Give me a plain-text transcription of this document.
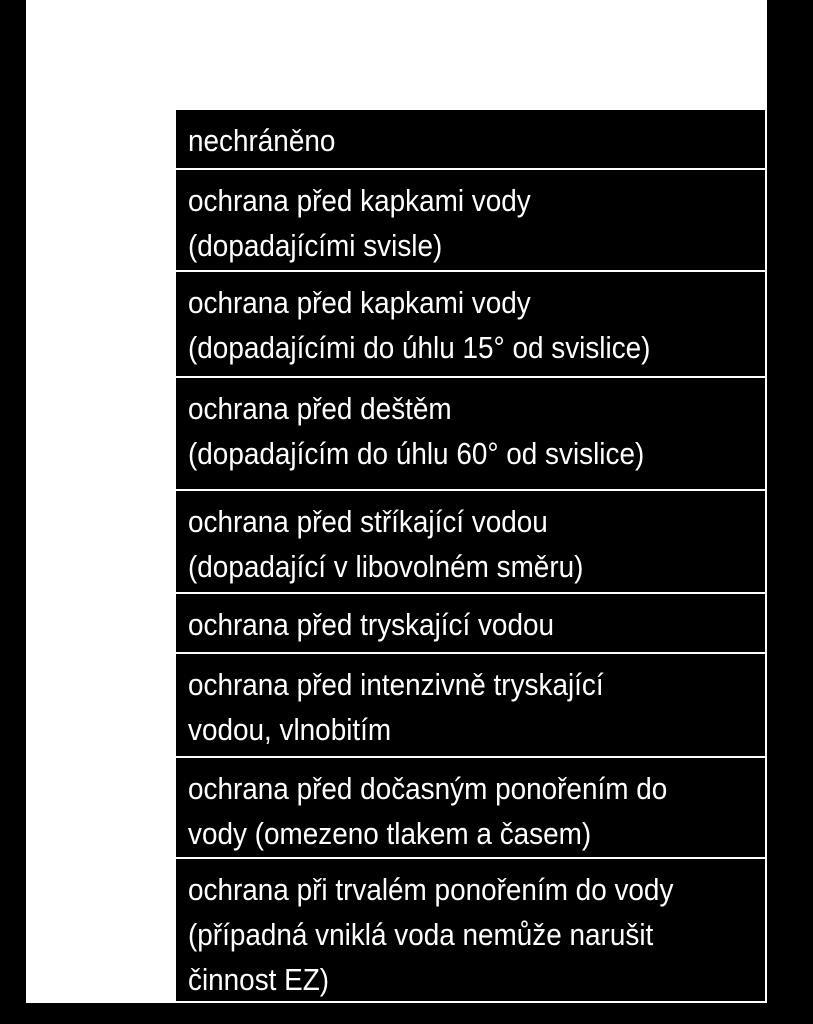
nechráněno
ochrana před kapkami vody
(dopadajícími svisle)
ochrana před kapkami vody
(dopadajícími do úhlu 15° od svislice)
ochrana před deštěm
(dopadajícím do úhlu 60° od svislice)
ochrana před stříkající vodou
(dopadající v libovolném směru)
ochrana před tryskající vodou
ochrana před intenzivně tryskající
vodou, vlnobitím
ochrana před dočasným ponořením do
vody (omezeno tlakem a časem)
ochrana při trvalém ponořením do vody
(případná vniklá voda nemůže narušit
činnost EZ)
